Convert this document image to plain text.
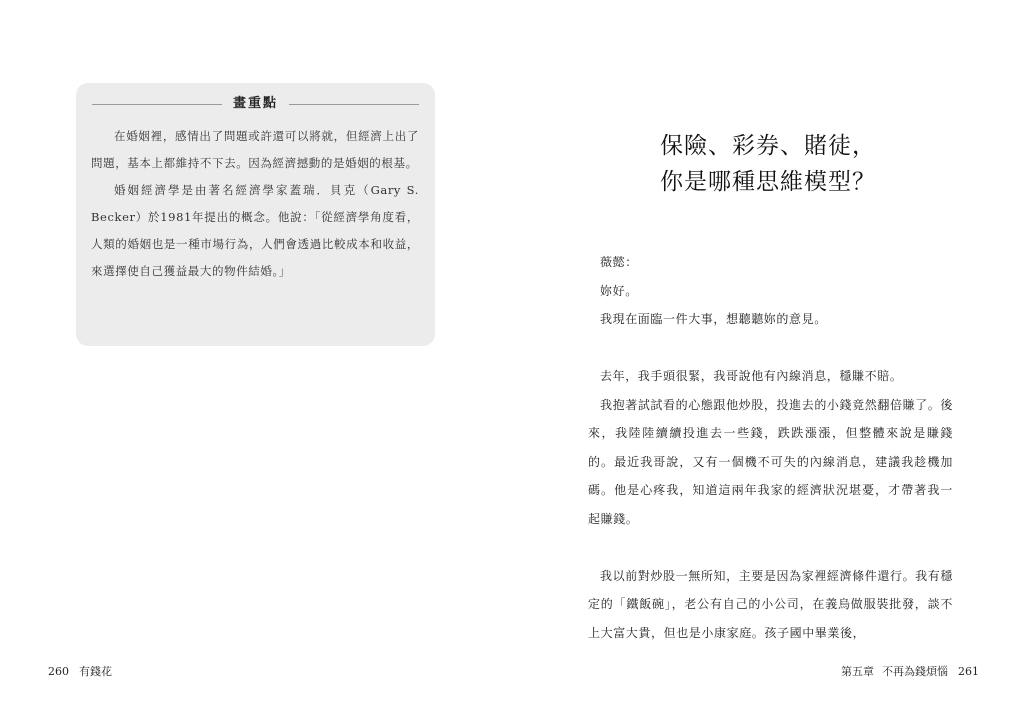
畫重點

在婚姻裡，感情出了問題或許還可以將就，但經濟上出了問題，基本上都維持不下去。因為經濟撼動的是婚姻的根基。

婚姻經濟學是由著名經濟學家蓋瑞．貝克（Gary S. Becker）於1981年提出的概念。他說：「從經濟學角度看，人類的婚姻也是一種市場行為，人們會透過比較成本和收益，來選擇使自己獲益最大的物件結婚。」

260 有錢花
保險、彩券、賭徒，
你是哪種思維模型？

薇懿：

妳好。

我現在面臨一件大事，想聽聽妳的意見。

去年，我手頭很緊，我哥說他有內線消息，穩賺不賠。

我抱著試試看的心態跟他炒股，投進去的小錢竟然翻倍賺了。後來，我陸陸續續投進去一些錢，跌跌漲漲，但整體來說是賺錢的。最近我哥說，又有一個機不可失的內線消息，建議我趁機加碼。他是心疼我，知道這兩年我家的經濟狀況堪憂，才帶著我一起賺錢。

我以前對炒股一無所知，主要是因為家裡經濟條件還行。我有穩定的「鐵飯碗」，老公有自己的小公司，在義烏做服裝批發，談不上大富大貴，但也是小康家庭。孩子國中畢業後，

第五章 不再為錢煩惱 261
